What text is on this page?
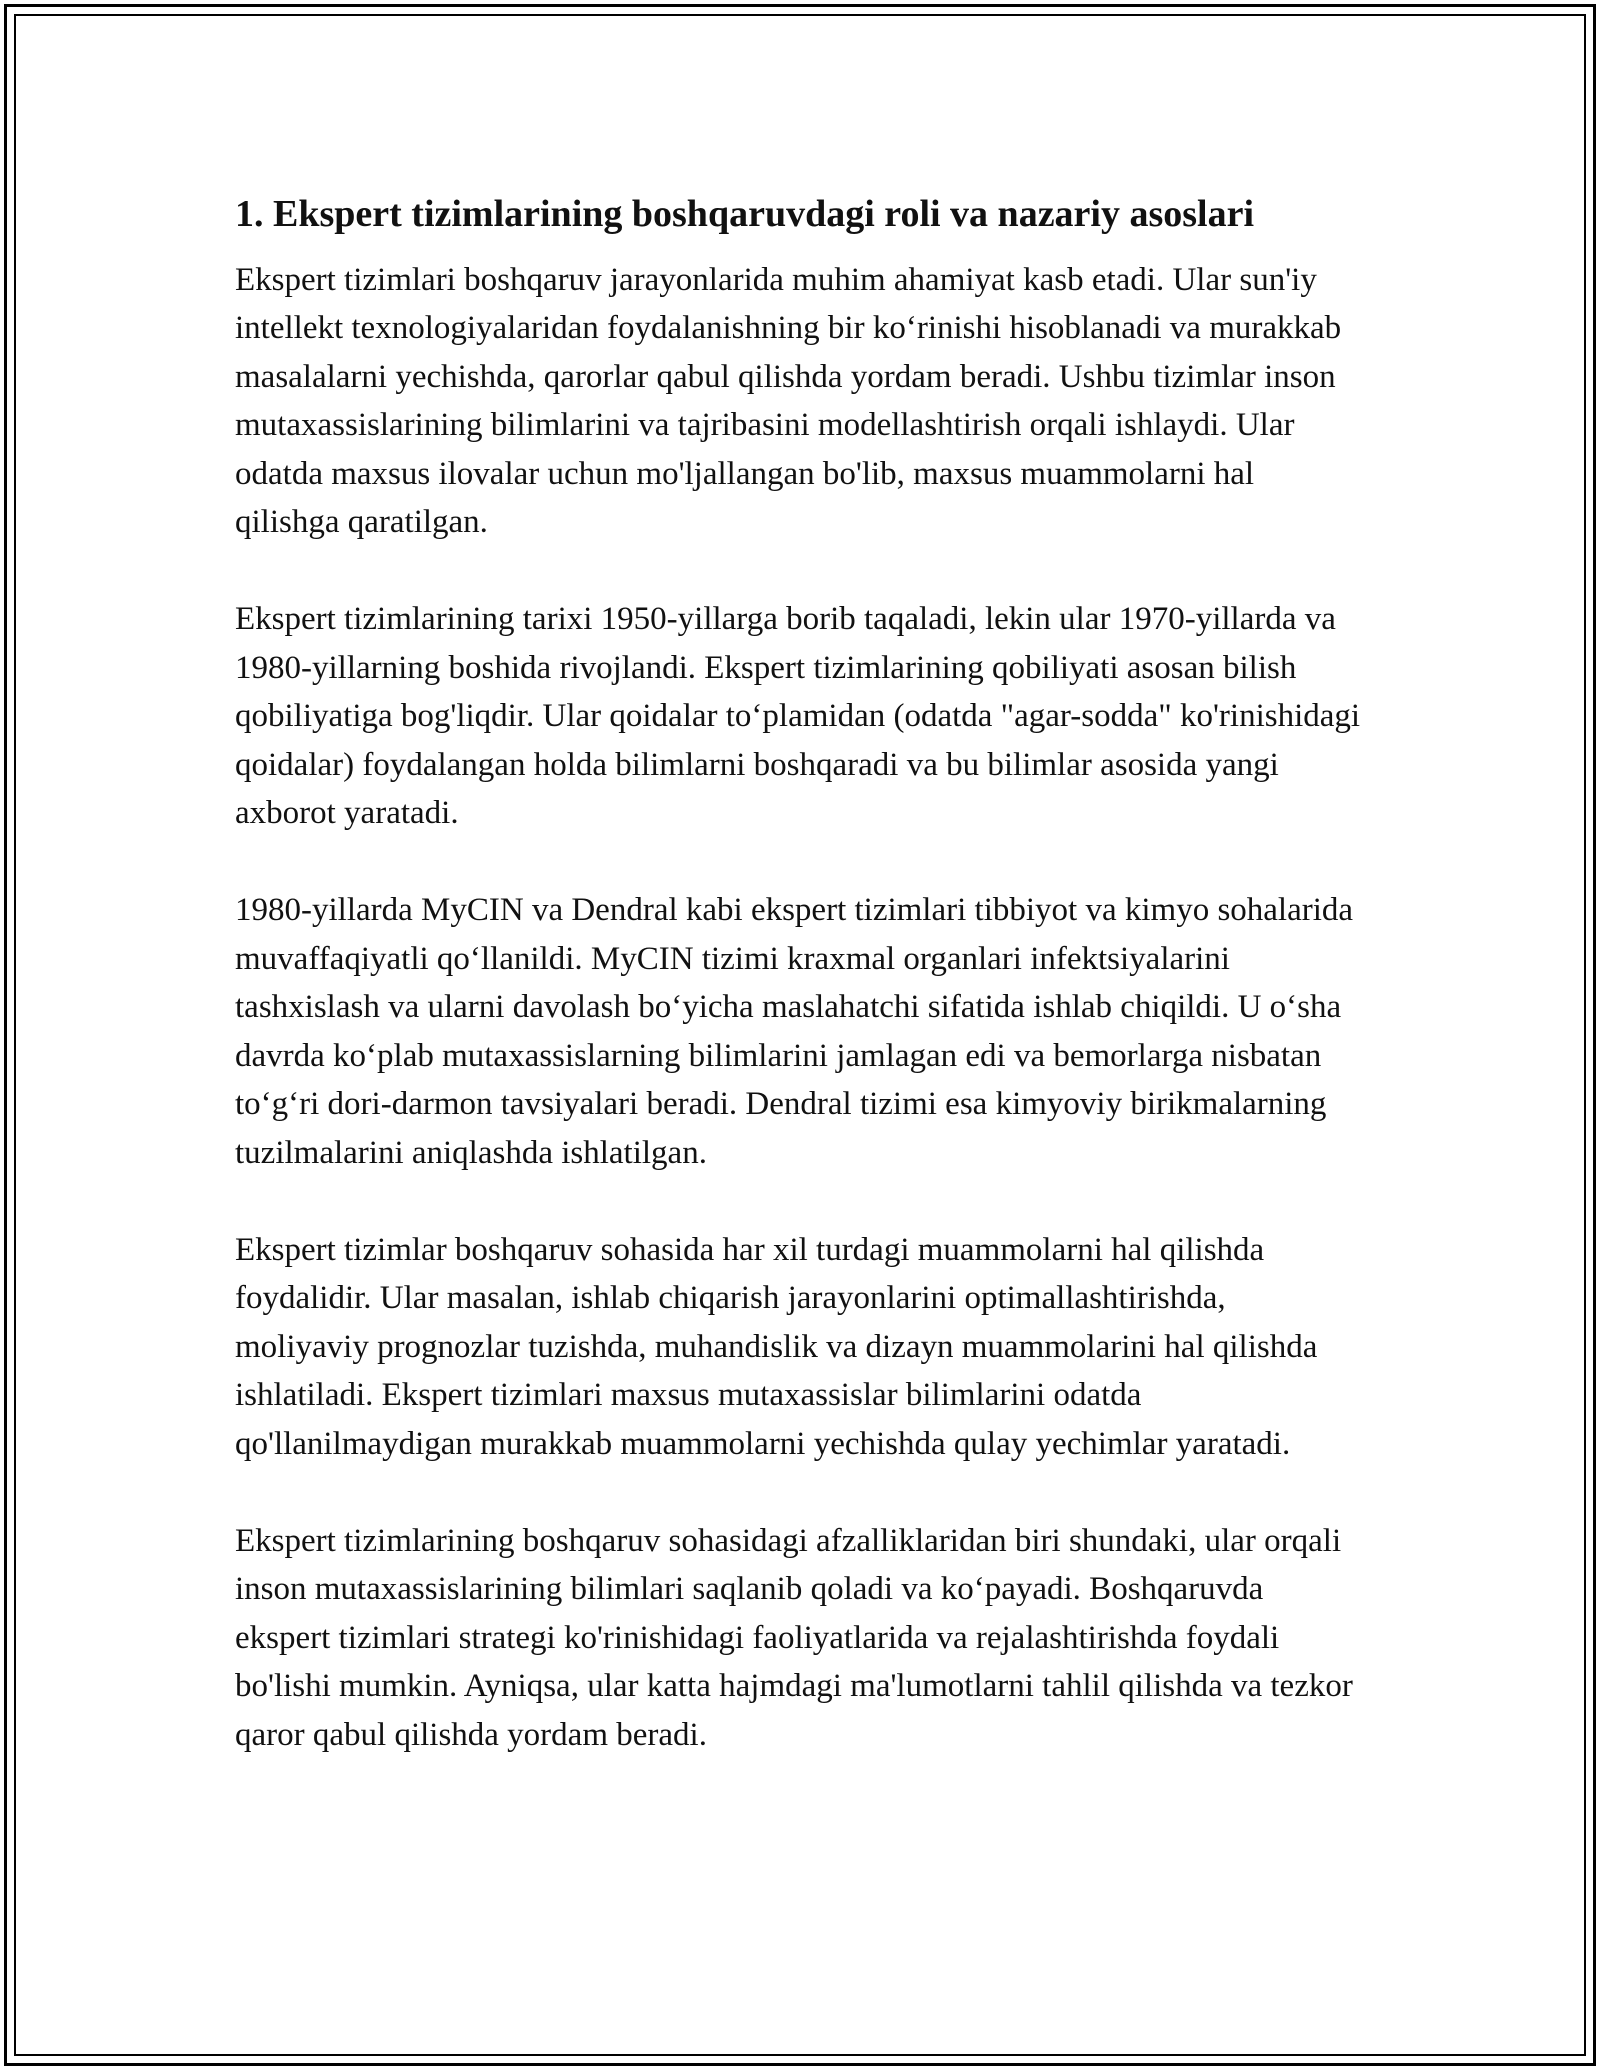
1. Ekspert tizimlarining boshqaruvdagi roli va nazariy asoslari

Ekspert tizimlari boshqaruv jarayonlarida muhim ahamiyat kasb etadi. Ular sun'iy intellekt texnologiyalaridan foydalanishning bir ko‘rinishi hisoblanadi va murakkab masalalarni yechishda, qarorlar qabul qilishda yordam beradi. Ushbu tizimlar inson mutaxassislarining bilimlarini va tajribasini modellashtirish orqali ishlaydi. Ular odatda maxsus ilovalar uchun mo'ljallangan bo'lib, maxsus muammolarni hal qilishga qaratilgan.

Ekspert tizimlarining tarixi 1950-yillarga borib taqaladi, lekin ular 1970-yillarda va 1980-yillarning boshida rivojlandi. Ekspert tizimlarining qobiliyati asosan bilish qobiliyatiga bog'liqdir. Ular qoidalar to‘plamidan (odatda "agar-sodda" ko'rinishidagi qoidalar) foydalangan holda bilimlarni boshqaradi va bu bilimlar asosida yangi axborot yaratadi.

1980-yillarda MyCIN va Dendral kabi ekspert tizimlari tibbiyot va kimyo sohalarida muvaffaqiyatli qo‘llanildi. MyCIN tizimi kraxmal organlari infektsiyalarini tashxislash va ularni davolash bo‘yicha maslahatchi sifatida ishlab chiqildi. U o‘sha davrda ko‘plab mutaxassislarning bilimlarini jamlagan edi va bemorlarga nisbatan to‘g‘ri dori-darmon tavsiyalari beradi. Dendral tizimi esa kimyoviy birikmalarning tuzilmalarini aniqlashda ishlatilgan.

Ekspert tizimlar boshqaruv sohasida har xil turdagi muammolarni hal qilishda foydalidir. Ular masalan, ishlab chiqarish jarayonlarini optimallashtirishda, moliyaviy prognozlar tuzishda, muhandislik va dizayn muammolarini hal qilishda ishlatiladi. Ekspert tizimlari maxsus mutaxassislar bilimlarini odatda qo'llanilmaydigan murakkab muammolarni yechishda qulay yechimlar yaratadi.

Ekspert tizimlarining boshqaruv sohasidagi afzalliklaridan biri shundaki, ular orqali inson mutaxassislarining bilimlari saqlanib qoladi va ko‘payadi. Boshqaruvda ekspert tizimlari strategi ko'rinishidagi faoliyatlarida va rejalashtirishda foydali bo'lishi mumkin. Ayniqsa, ular katta hajmdagi ma'lumotlarni tahlil qilishda va tezkor qaror qabul qilishda yordam beradi.
